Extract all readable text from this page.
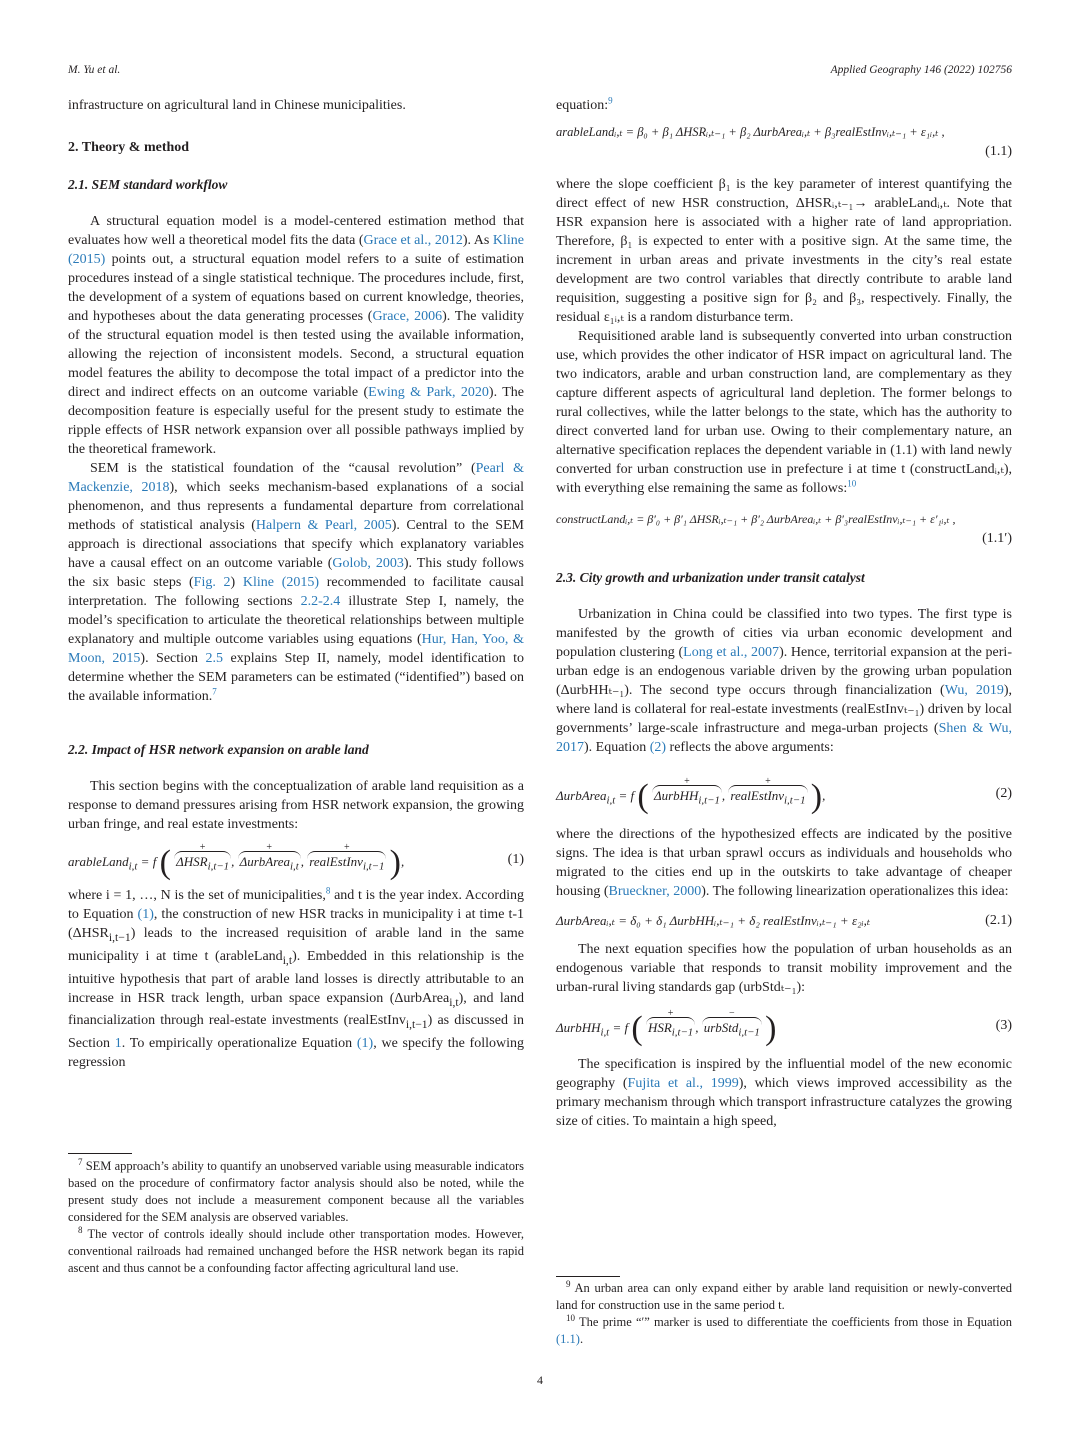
M. Yu et al.	Applied Geography 146 (2022) 102756

infrastructure on agricultural land in Chinese municipalities.

2. Theory & method
2.1. SEM standard workflow

A structural equation model is a model-centered estimation method that evaluates how well a theoretical model fits the data (Grace et al., 2012). As Kline (2015) points out, a structural equation model refers to a suite of estimation procedures instead of a single statistical technique. The procedures include, first, the development of a system of equations based on current knowledge, theories, and hypotheses about the data generating processes (Grace, 2006). The validity of the structural equation model is then tested using the available information, allowing the rejection of inconsistent models. Second, a structural equation model features the ability to decompose the total impact of a predictor into the direct and indirect effects on an outcome variable (Ewing & Park, 2020). The decomposition feature is especially useful for the present study to estimate the ripple effects of HSR network expansion over all possible pathways implied by the theoretical framework.

SEM is the statistical foundation of the “causal revolution” (Pearl & Mackenzie, 2018), which seeks mechanism-based explanations of a social phenomenon, and thus represents a fundamental departure from correlational methods of statistical analysis (Halpern & Pearl, 2005). Central to the SEM approach is directional associations that specify which explanatory variables have a causal effect on an outcome variable (Golob, 2003). This study follows the six basic steps (Fig. 2) Kline (2015) recommended to facilitate causal interpretation. The following sections 2.2-2.4 illustrate Step I, namely, the model’s specification to articulate the theoretical relationships between multiple explanatory and multiple outcome variables using equations (Hur, Han, Yoo, & Moon, 2015). Section 2.5 explains Step II, namely, model identification to determine whether the SEM parameters can be estimated (“identified”) based on the available information.$^7$

2.2. Impact of HSR network expansion on arable land

This section begins with the conceptualization of arable land requisition as a response to demand pressures arising from HSR network expansion, the growing urban fringe, and real estate investments:

arableLand$_{i,t}$ = f (	+
$\Delta HSR_{i,t-1}$ ,
+
ΔurbArea$_{i,t}$ ,
+
realEstInv$_{i,t-1}$ ),	(1)

where i = 1, …, N is the set of municipalities,$^8$ and t is the year index. According to Equation (1), the construction of new HSR tracks in municipality i at time t-1 $(\Delta HSR_{i,t-1})$ leads to the increased requisition of arable land in the same municipality i at time t (arableLand$_{i,t}$). Embedded in this relationship is the intuitive hypothesis that part of arable land losses is directly attributable to an increase in HSR track length, urban space expansion (ΔurbArea$_{i,t}$), and land financialization through real-estate investments (realEstInv$_{i,t-1}$) as discussed in Section 1. To empirically operationalize Equation (1), we specify the following regression

$^7$ SEM approach’s ability to quantify an unobserved variable using measurable indicators based on the procedure of confirmatory factor analysis should also be noted, while the present study does not include a measurement component because all the variables considered for the SEM analysis are observed variables.

$^8$ The vector of controls ideally should include other transportation modes. However, conventional railroads had remained unchanged before the HSR network began its rapid ascent and thus cannot be a confounding factor affecting agricultural land use.

equation:$^9$

arableLandᵢ,ₜ = β₀ + β₁ ΔHSRᵢ,ₜ₋₁ + β₂ ΔurbAreaᵢ,ₜ + β₃realEstInvᵢ,ₜ₋₁ + ε₁ᵢ,ₜ ,
(1.1)

where the slope coefficient β₁ is the key parameter of interest quantifying the direct effect of new HSR construction, ΔHSRᵢ,ₜ₋₁→ arableLandᵢ,ₜ. Note that HSR expansion here is associated with a higher rate of land appropriation. Therefore, β₁ is expected to enter with a positive sign. At the same time, the increment in urban areas and private investments in the city’s real estate development are two control variables that directly contribute to arable land requisition, suggesting a positive sign for β₂ and β₃, respectively. Finally, the residual ε₁ᵢ,ₜ is a random disturbance term.

Requisitioned arable land is subsequently converted into urban construction use, which provides the other indicator of HSR impact on agricultural land. The two indicators, arable and urban construction land, are complementary as they capture different aspects of agricultural land depletion. The former belongs to rural collectives, while the latter belongs to the state, which has the authority to direct converted land for urban use. Owing to their complementary nature, an alternative specification replaces the dependent variable in (1.1) with land newly converted for urban construction use in prefecture i at time t (constructLandᵢ,ₜ), with everything else remaining the same as follows:$^{10}$

constructLandᵢ,ₜ = β′₀ + β′₁ ΔHSRᵢ,ₜ₋₁ + β′₂ ΔurbAreaᵢ,ₜ + β′₃realEstInvᵢ,ₜ₋₁ + ε′₁ᵢ,ₜ ,
(1.1′)
2.3. City growth and urbanization under transit catalyst

Urbanization in China could be classified into two types. The first type is manifested by the growth of cities via urban economic development and population clustering (Long et al., 2007). Hence, territorial expansion at the peri-urban edge is an endogenous variable driven by the growing urban population (ΔurbHHₜ₋₁). The second type occurs through financialization (Wu, 2019), where land is collateral for real-estate investments (realEstInvₜ₋₁) driven by local governments’ large-scale infrastructure and mega-urban projects (Shen & Wu, 2017). Equation (2) reflects the above arguments:

ΔurbArea$_{i,t}$ = f (	+
ΔurbHH$_{i,t-1}$ ,
+
realEstInv$_{i,t-1}$ ),	(2)

where the directions of the hypothesized effects are indicated by the positive signs. The idea is that urban sprawl occurs as individuals and households who migrated to the cities end up in the outskirts to take advantage of cheaper housing (Brueckner, 2000). The following linearization operationalizes this idea:

ΔurbAreaᵢ,ₜ = δ₀ + δ₁ ΔurbHHᵢ,ₜ₋₁ + δ₂ realEstInvᵢ,ₜ₋₁ + ε₂ᵢ,ₜ	(2.1)

The next equation specifies how the population of urban households as an endogenous variable that responds to transit mobility improvement and the urban-rural living standards gap (urbStdₜ₋₁):

ΔurbHH$_{i,t}$ = f (	+
$HSR_{i,t-1}$ ,
−
urbStd$_{i,t-1}$ )	(3)

The specification is inspired by the influential model of the new economic geography (Fujita et al., 1999), which views improved accessibility as the primary mechanism through which transport infrastructure catalyzes the growing size of cities. To maintain a high speed,

$^9$ An urban area can only expand either by arable land requisition or newly-converted land for construction use in the same period t.

$^{10}$ The prime “′” marker is used to differentiate the coefficients from those in Equation (1.1).

4
